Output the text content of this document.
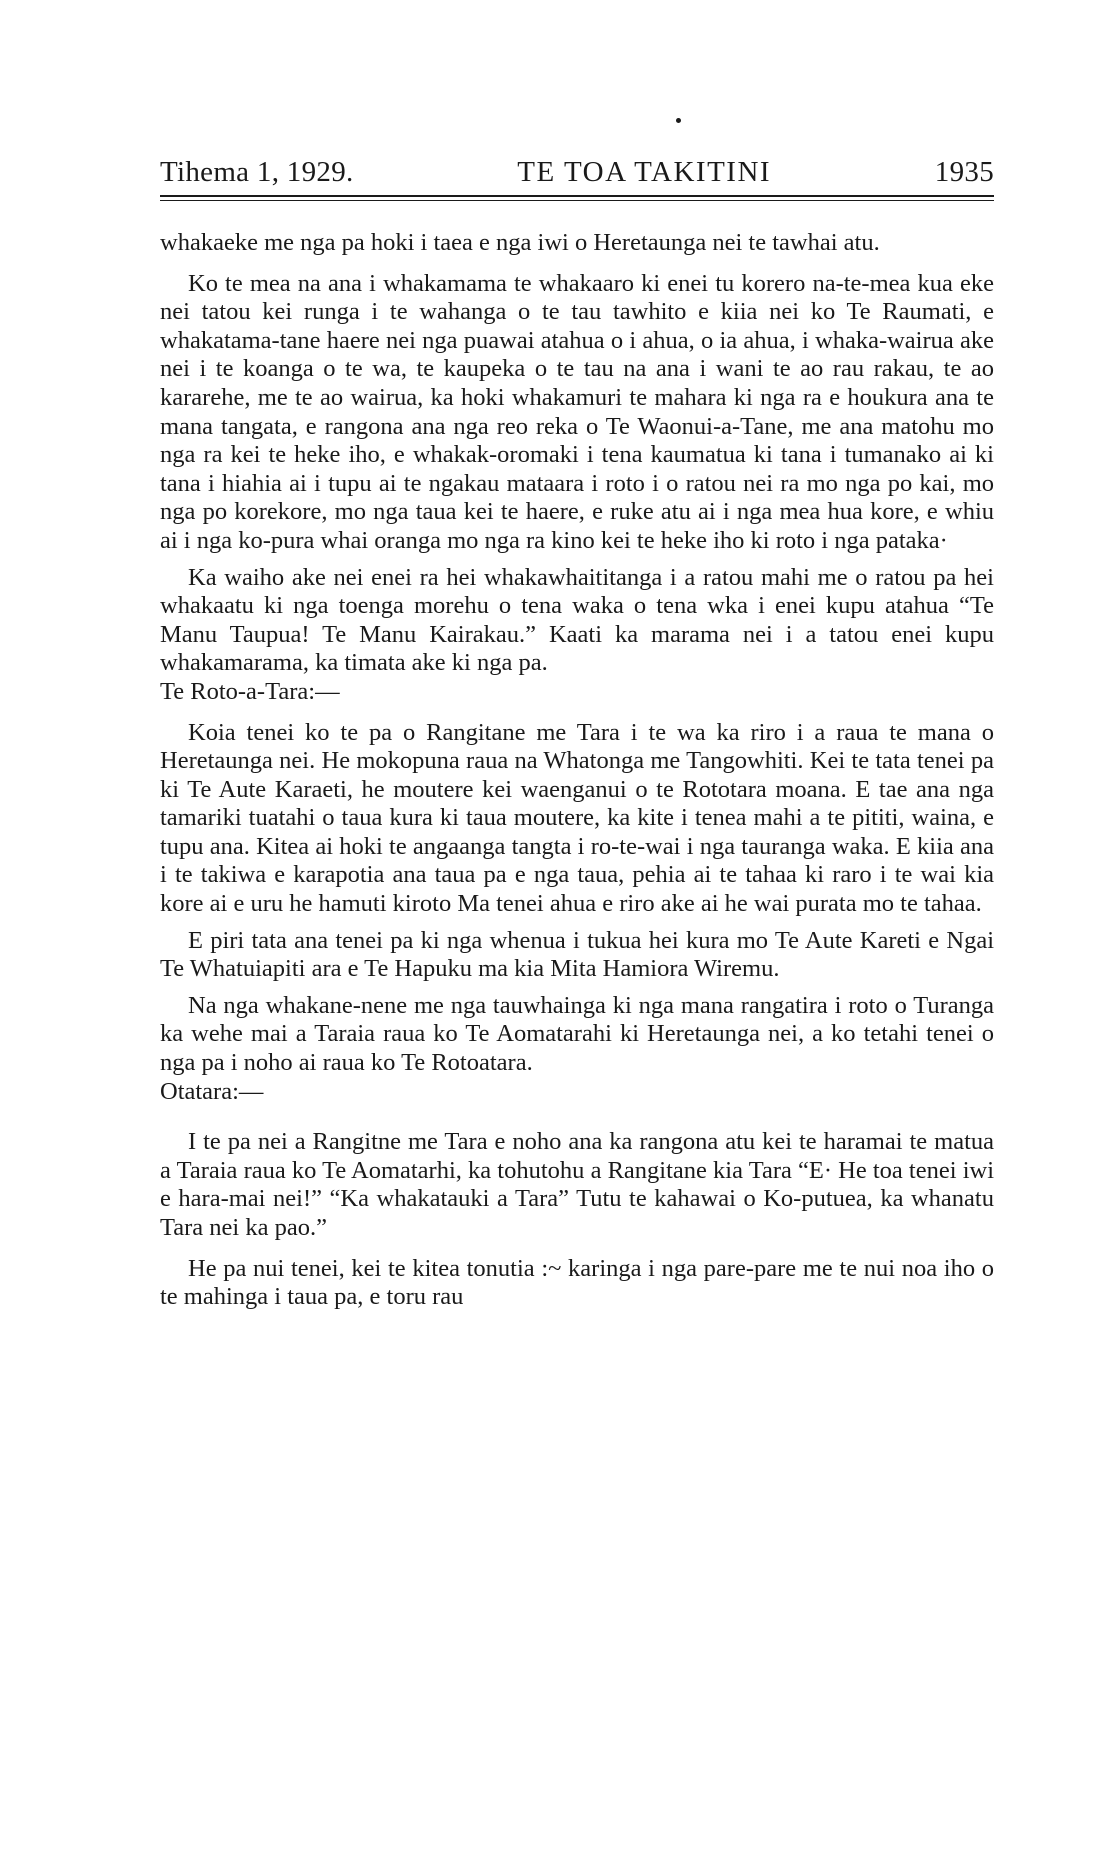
Tihema 1, 1929.	TE TOA TAKITINI	1935

whakaeke me nga pa hoki i taea e nga iwi o Heretaunga nei te tawhai atu.

Ko te mea na ana i whakamama te whakaaro ki enei tu korero na-te-mea kua eke nei tatou kei runga i te wahanga o te tau tawhito e kiia nei ko Te Raumati, e whakatama-tane haere nei nga puawai atahua o i ahua, o ia ahua, i whaka-wairua ake nei i te koanga o te wa, te kaupeka o te tau na ana i wani te ao rau rakau, te ao kararehe, me te ao wairua, ka hoki whakamuri te mahara ki nga ra e houkura ana te mana tangata, e rangona ana nga reo reka o Te Waonui-a-Tane, me ana matohu mo nga ra kei te heke iho, e whakak-oromaki i tena kaumatua ki tana i tumanako ai ki tana i hiahia ai i tupu ai te ngakau mataara i roto i o ratou nei ra mo nga po kai, mo nga po korekore, mo nga taua kei te haere, e ruke atu ai i nga mea hua kore, e whiu ai i nga ko-pura whai oranga mo nga ra kino kei te heke iho ki roto i nga pataka·

Ka waiho ake nei enei ra hei whakawhaititanga i a ratou mahi me o ratou pa hei whakaatu ki nga toenga morehu o tena waka o tena wka i enei kupu atahua “Te Manu Taupua! Te Manu Kairakau.” Kaati ka marama nei i a tatou enei kupu whakamarama, ka timata ake ki nga pa.

Te Roto-a-Tara:—

Koia tenei ko te pa o Rangitane me Tara i te wa ka riro i a raua te mana o Heretaunga nei. He mokopuna raua na Whatonga me Tangowhiti. Kei te tata tenei pa ki Te Aute Karaeti, he moutere kei waenganui o te Rototara moana. E tae ana nga tamariki tuatahi o taua kura ki taua moutere, ka kite i tenea mahi a te pititi, waina, e tupu ana. Kitea ai hoki te angaanga tangta i ro-te-wai i nga tauranga waka. E kiia ana i te takiwa e karapotia ana taua pa e nga taua, pehia ai te tahaa ki raro i te wai kia kore ai e uru he hamuti kiroto Ma tenei ahua e riro ake ai he wai purata mo te tahaa.

E piri tata ana tenei pa ki nga whenua i tukua hei kura mo Te Aute Kareti e Ngai Te Whatuiapiti ara e Te Hapuku ma kia Mita Hamiora Wiremu.

Na nga whakane-nene me nga tauwhainga ki nga mana rangatira i roto o Turanga ka wehe mai a Taraia raua ko Te Aomatarahi ki Heretaunga nei, a ko tetahi tenei o nga pa i noho ai raua ko Te Rotoatara.

Otatara:—

I te pa nei a Rangitne me Tara e noho ana ka rangona atu kei te haramai te matua a Taraia raua ko Te Aomatarhi, ka tohutohu a Rangitane kia Tara “E· He toa tenei iwi e hara-mai nei!” “Ka whakatauki a Tara” Tutu te kahawai o Ko-putuea, ka whanatu Tara nei ka pao.”

He pa nui tenei, kei te kitea tonutia :~ karinga i nga pare-pare me te nui noa iho o te mahinga i taua pa, e toru rau
